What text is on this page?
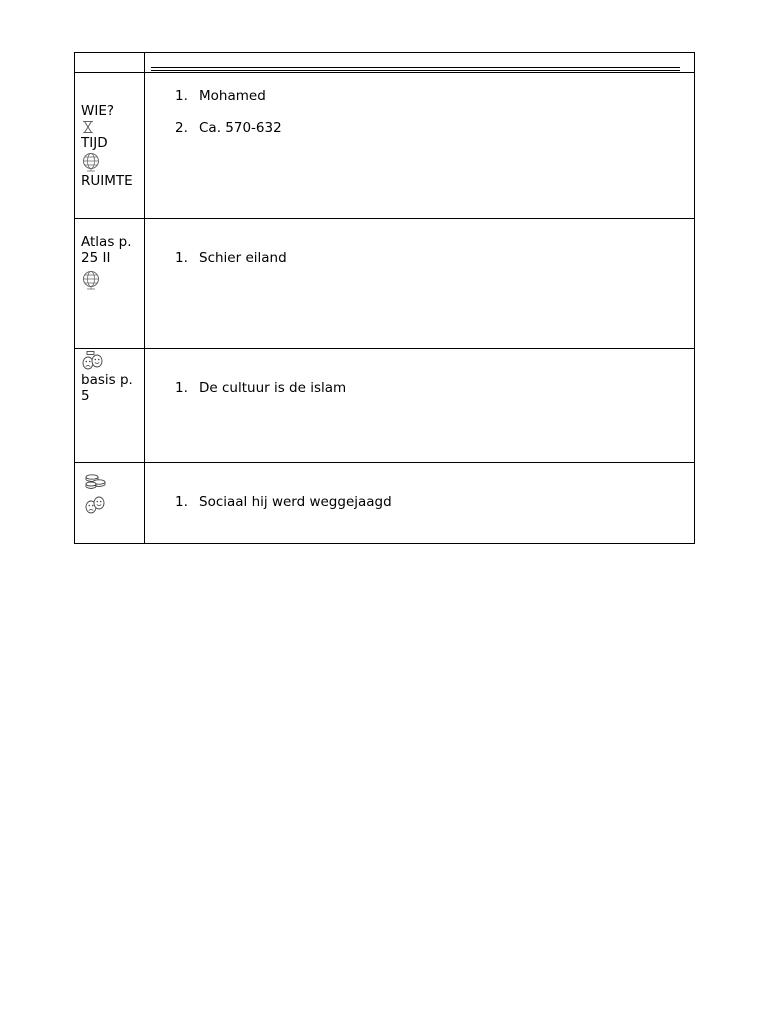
WIE?
TIJD
RUIMTE
1. Mohamed
2. Ca. 570-632
Atlas p. 25 II	1. Schier eiland
basis p. 5	1. De cultuur is de islam
1. Sociaal hij werd weggejaagd
